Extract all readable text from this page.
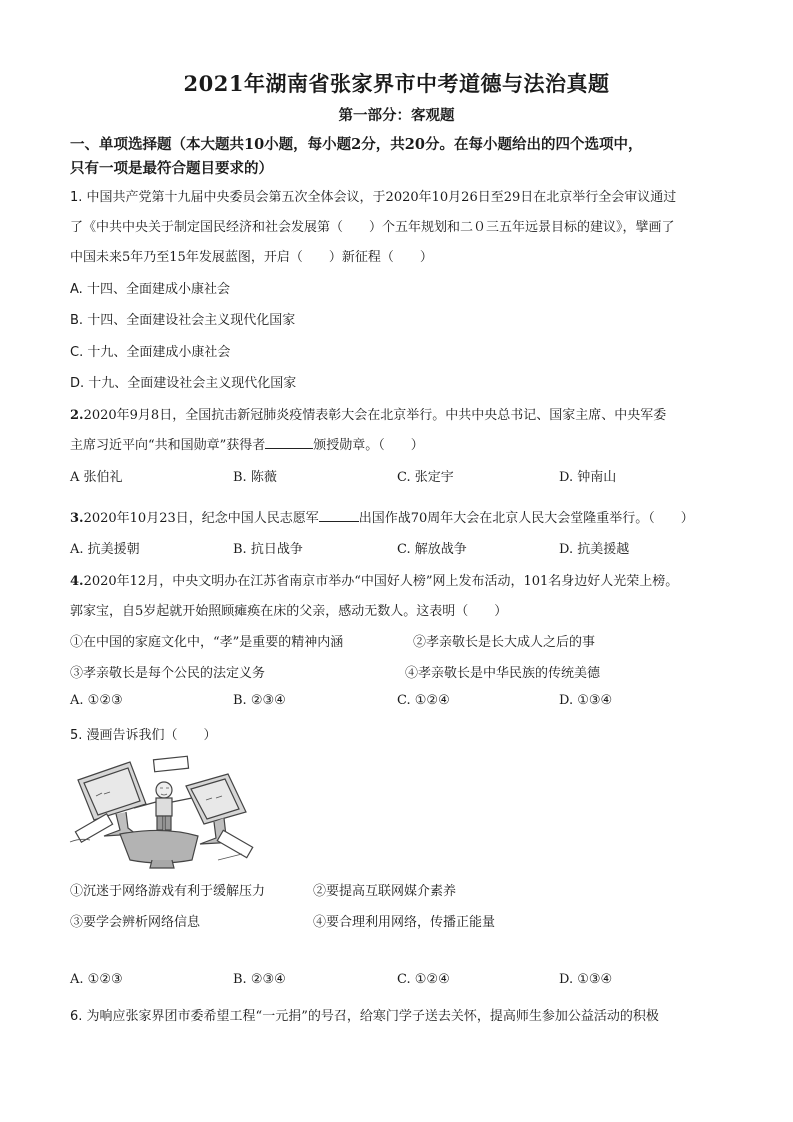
2021年湖南省张家界市中考道德与法治真题
第一部分：客观题
一、单项选择题（本大题共10小题，每小题2分，共20分。在每小题给出的四个选项中，
只有一项是最符合题目要求的）
1. 中国共产党第十九届中央委员会第五次全体会议，于2020年10月26日至29日在北京举行全会审议通过
了《中共中央关于制定国民经济和社会发展第（　　）个五年规划和二０三五年远景目标的建议》，擘画了
中国未来5年乃至15年发展蓝图，开启（　　）新征程（　　）
A. 十四、全面建成小康社会
B. 十四、全面建设社会主义现代化国家
C. 十九、全面建成小康社会
D. 十九、全面建设社会主义现代化国家
2.2020年9月8日，全国抗击新冠肺炎疫情表彰大会在北京举行。中共中央总书记、国家主席、中央军委
主席习近平向“共和国勋章”获得者	颁授勋章。（　　）
A 张伯礼	B. 陈薇	C. 张定宇	D. 钟南山
3.2020年10月23日，纪念中国人民志愿军	出国作战70周年大会在北京人民大会堂隆重举行。（　　）
A. 抗美援朝	B. 抗日战争	C. 解放战争	D. 抗美援越
4.2020年12月，中央文明办在江苏省南京市举办“中国好人榜”网上发布活动，101名身边好人光荣上榜。
郭家宝，自5岁起就开始照顾瘫痪在床的父亲，感动无数人。这表明（　　）
①在中国的家庭文化中，“孝”是重要的精神内涵	②孝亲敬长是长大成人之后的事
③孝亲敬长是每个公民的法定义务	④孝亲敬长是中华民族的传统美德
A. ①②③	B. ②③④	C. ①②④	D. ①③④
5. 漫画告诉我们（　　）
①沉迷于网络游戏有利于缓解压力	②要提高互联网媒介素养
③要学会辨析网络信息	④要合理利用网络，传播正能量
A. ①②③	B. ②③④	C. ①②④	D. ①③④
6. 为响应张家界团市委希望工程“一元捐”的号召，给寒门学子送去关怀，提高师生参加公益活动的积极
